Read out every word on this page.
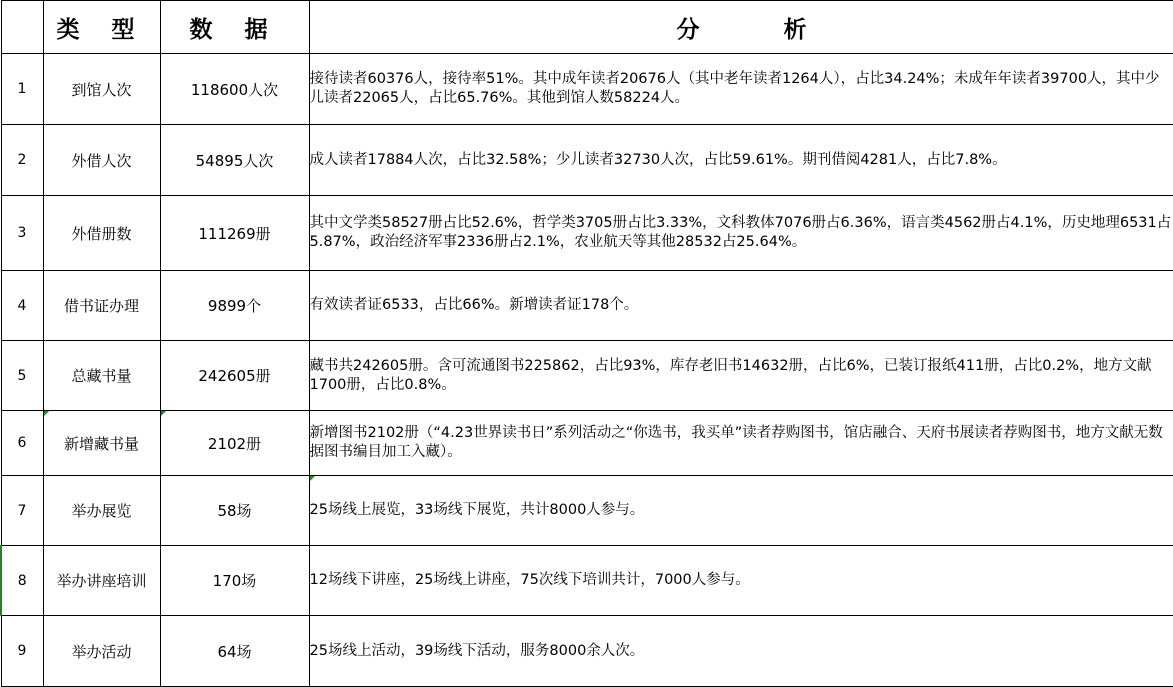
	类 型	数 据	分 析
1	到馆人次	118600人次	接待读者60376人，接待率51%。其中成年读者20676人（其中老年读者1264人），占比34.24%；未成年年读者39700人，其中少儿读者22065人，占比65.76%。其他到馆人数58224人。
2	外借人次	54895人次	成人读者17884人次，占比32.58%；少儿读者32730人次，占比59.61%。期刊借阅4281人，占比7.8%。
3	外借册数	111269册	其中文学类58527册占比52.6%，哲学类3705册占比3.33%，文科教体7076册占6.36%，语言类4562册占4.1%，历史地理6531占5.87%，政治经济军事2336册占2.1%，农业航天等其他28532占25.64%。
4	借书证办理	9899个	有效读者证6533，占比66%。新增读者证178个。
5	总藏书量	242605册	藏书共242605册。含可流通图书225862，占比93%，库存老旧书14632册，占比6%，已装订报纸411册，占比0.2%，地方文献1700册，占比0.8%。
6	新增藏书量	2102册	新增图书2102册（“4.23世界读书日”系列活动之“你选书，我买单”读者荐购图书，馆店融合、天府书展读者荐购图书，地方文献无数据图书编目加工入藏）。
7	举办展览	58场	25场线上展览，33场线下展览，共计8000人参与。
8	举办讲座培训	170场	12场线下讲座，25场线上讲座，75次线下培训共计，7000人参与。
9	举办活动	64场	25场线上活动，39场线下活动，服务8000余人次。
